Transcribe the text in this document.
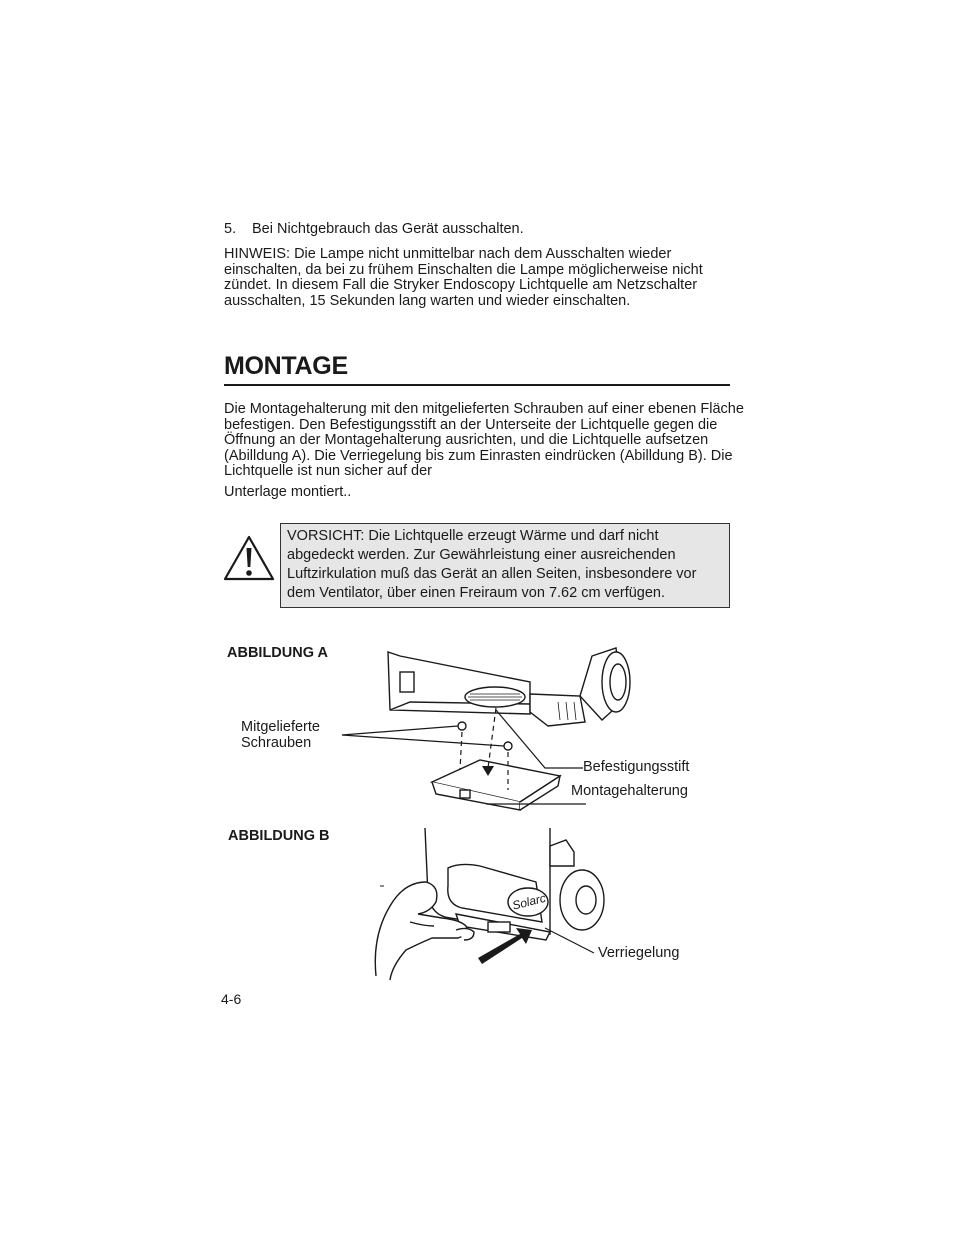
5. Bei Nichtgebrauch das Gerät ausschalten.
HINWEIS: Die Lampe nicht unmittelbar nach dem Ausschalten wieder einschalten, da bei zu frühem Einschalten die Lampe möglicherweise nicht zündet. In diesem Fall die Stryker Endoscopy Lichtquelle am Netzschalter ausschalten, 15 Sekunden lang warten und wieder einschalten.
MONTAGE
Die Montagehalterung mit den mitgelieferten Schrauben auf einer ebenen Fläche befestigen. Den Befestigungsstift an der Unterseite der Lichtquelle gegen die Öffnung an der Montagehalterung ausrichten, und die Lichtquelle aufsetzen (Abilldung A). Die Verriegelung bis zum Einrasten eindrücken (Abilldung B). Die Lichtquelle ist nun sicher auf der
Unterlage montiert..
VORSICHT: Die Lichtquelle erzeugt Wärme und darf nicht abgedeckt werden. Zur Gewährleistung einer ausreichenden Luftzirkulation muß das Gerät an allen Seiten, insbesondere vor dem Ventilator, über einen Freiraum von 7.62 cm verfügen.
ABBILDUNG A
Mitgelieferte
Schrauben
Befestigungsstift
Montagehalterung
ABBILDUNG B
Solarc
Verriegelung
4-6
